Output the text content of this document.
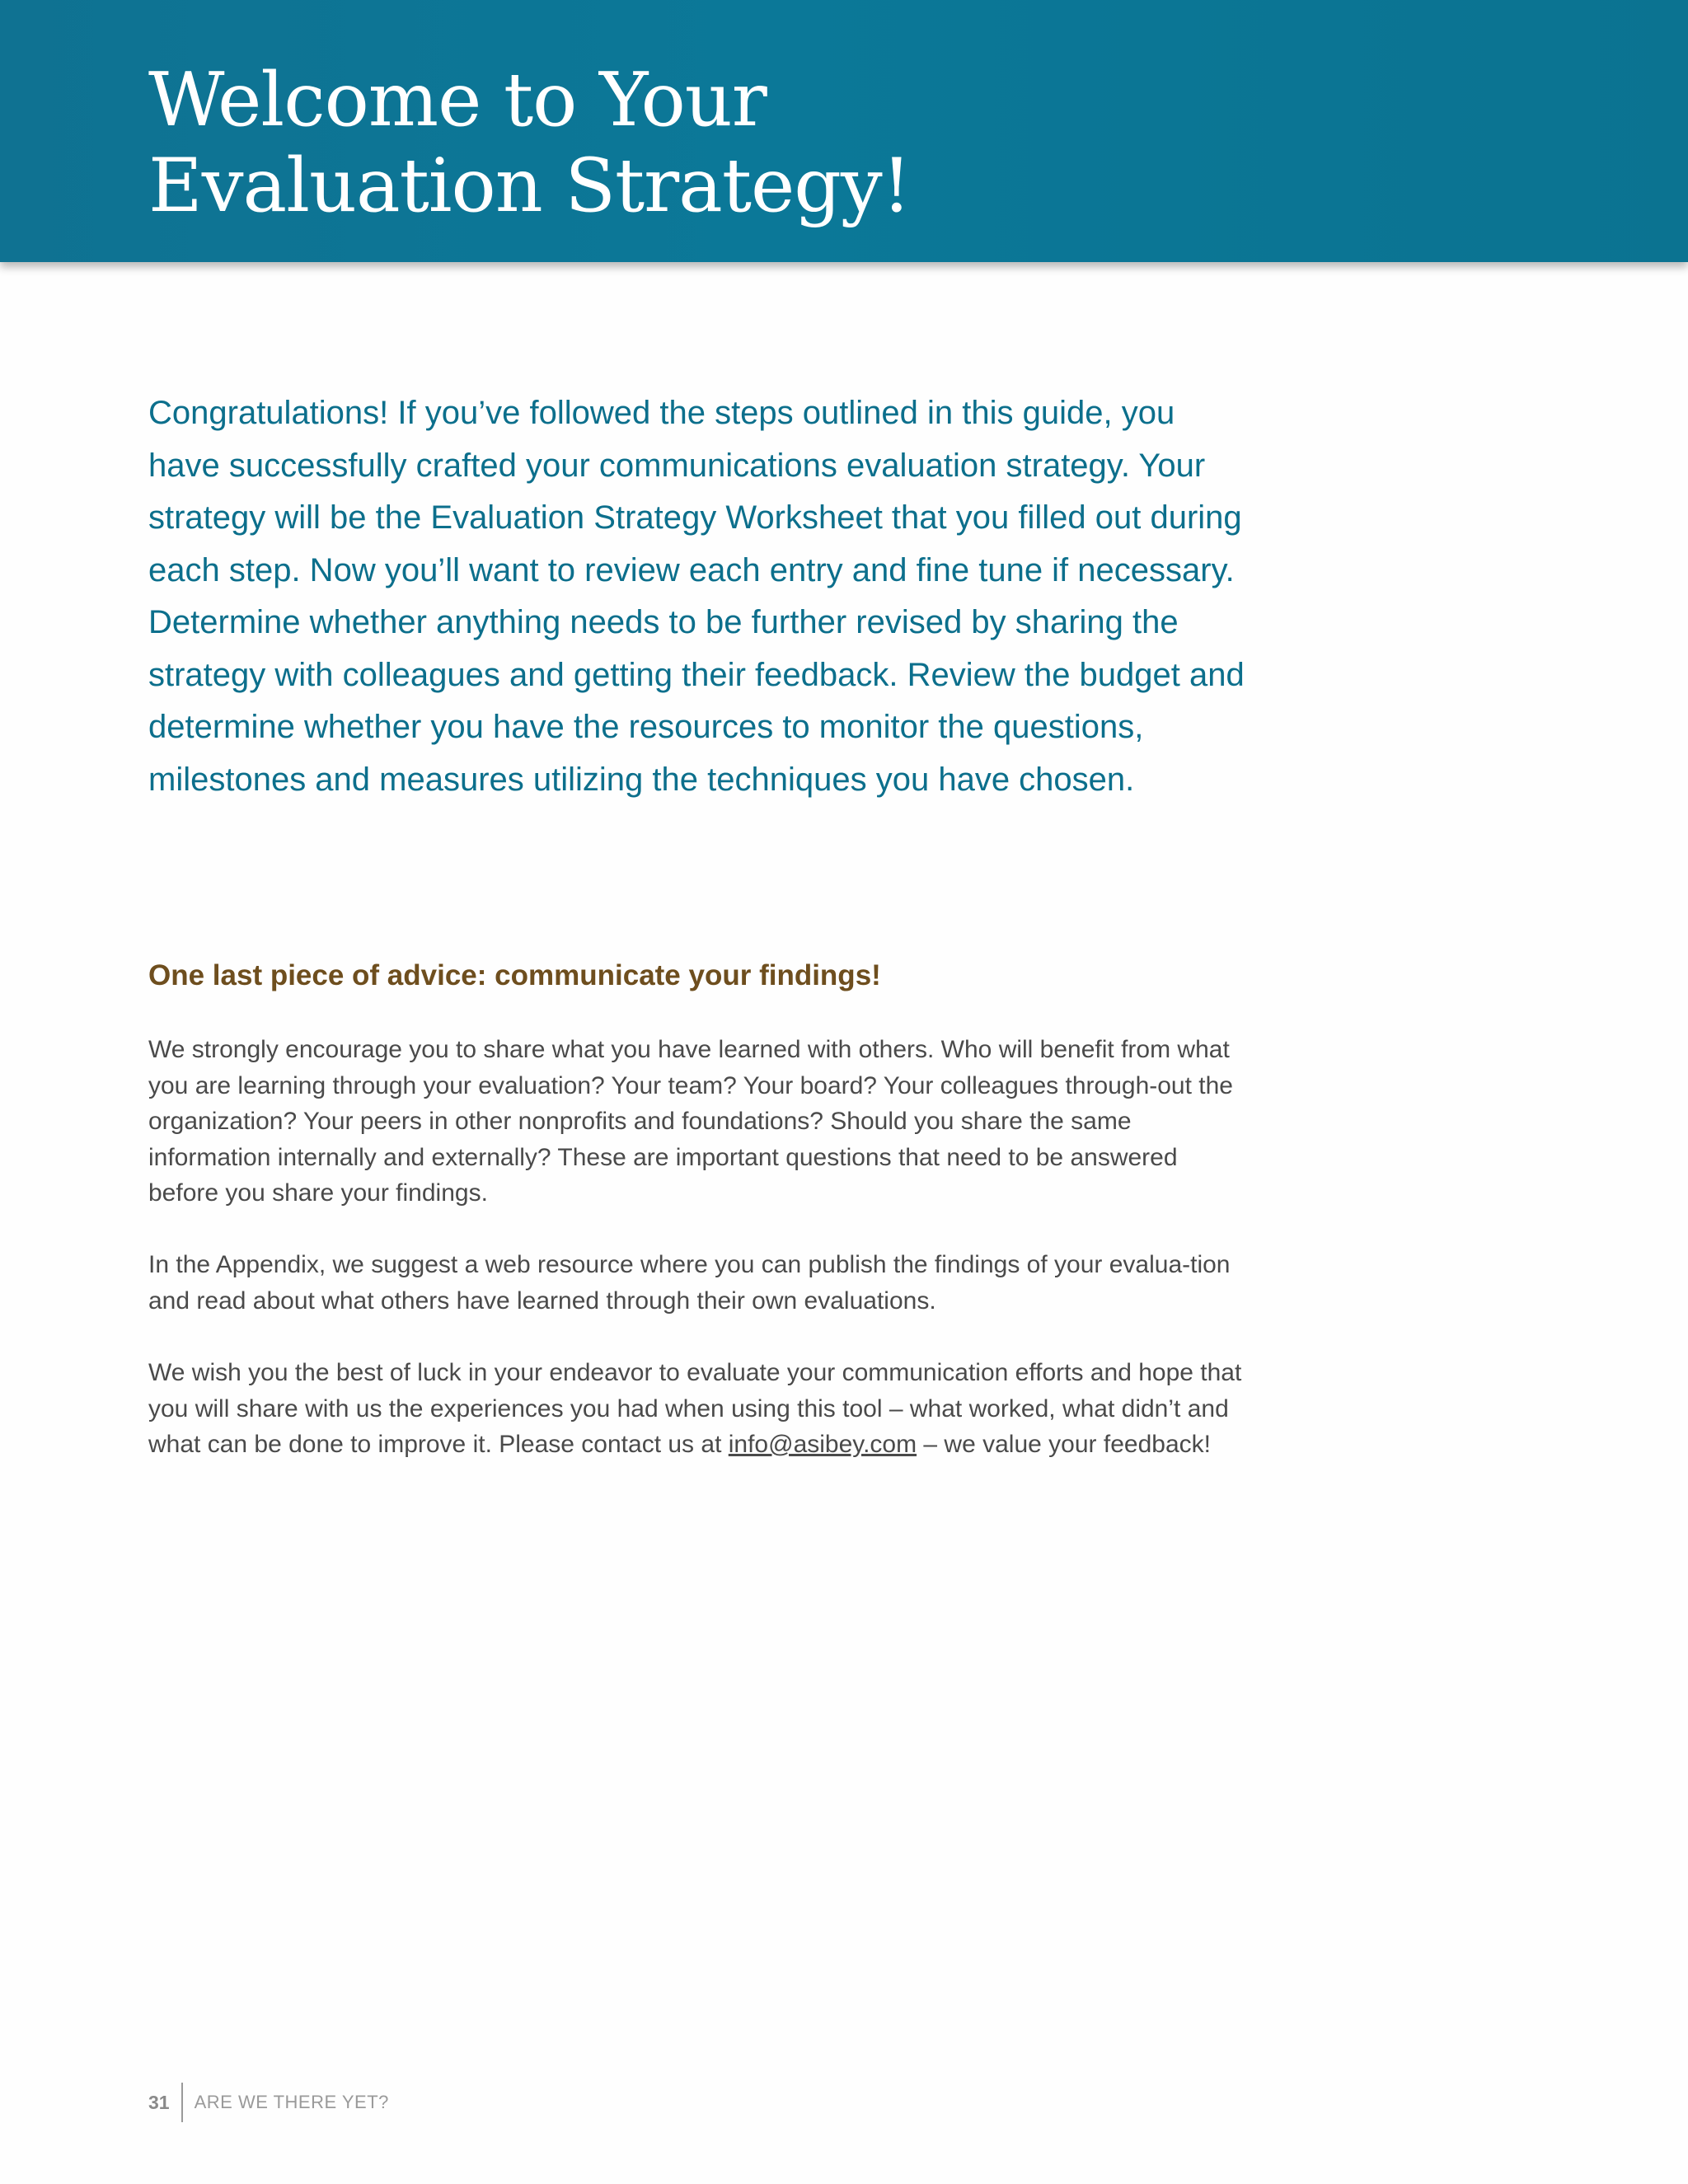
Welcome to Your
Evaluation Strategy!

Congratulations! If you’ve followed the steps outlined in this guide, you have successfully crafted your communications evaluation strategy. Your strategy will be the Evaluation Strategy Worksheet that you filled out during each step. Now you’ll want to review each entry and fine tune if necessary. Determine whether anything needs to be further revised by sharing the strategy with colleagues and getting their feedback. Review the budget and determine whether you have the resources to monitor the questions, milestones and measures utilizing the techniques you have chosen.

One last piece of advice: communicate your findings!

We strongly encourage you to share what you have learned with others. Who will benefit from what you are learning through your evaluation? Your team? Your board? Your colleagues through-out the organization? Your peers in other nonprofits and foundations? Should you share the same information internally and externally? These are important questions that need to be answered before you share your findings.

In the Appendix, we suggest a web resource where you can publish the findings of your evalua-tion and read about what others have learned through their own evaluations.

We wish you the best of luck in your endeavor to evaluate your communication efforts and hope that you will share with us the experiences you had when using this tool – what worked, what didn’t and what can be done to improve it. Please contact us at info@asibey.com – we value your feedback!

31 ARE WE THERE YET?
